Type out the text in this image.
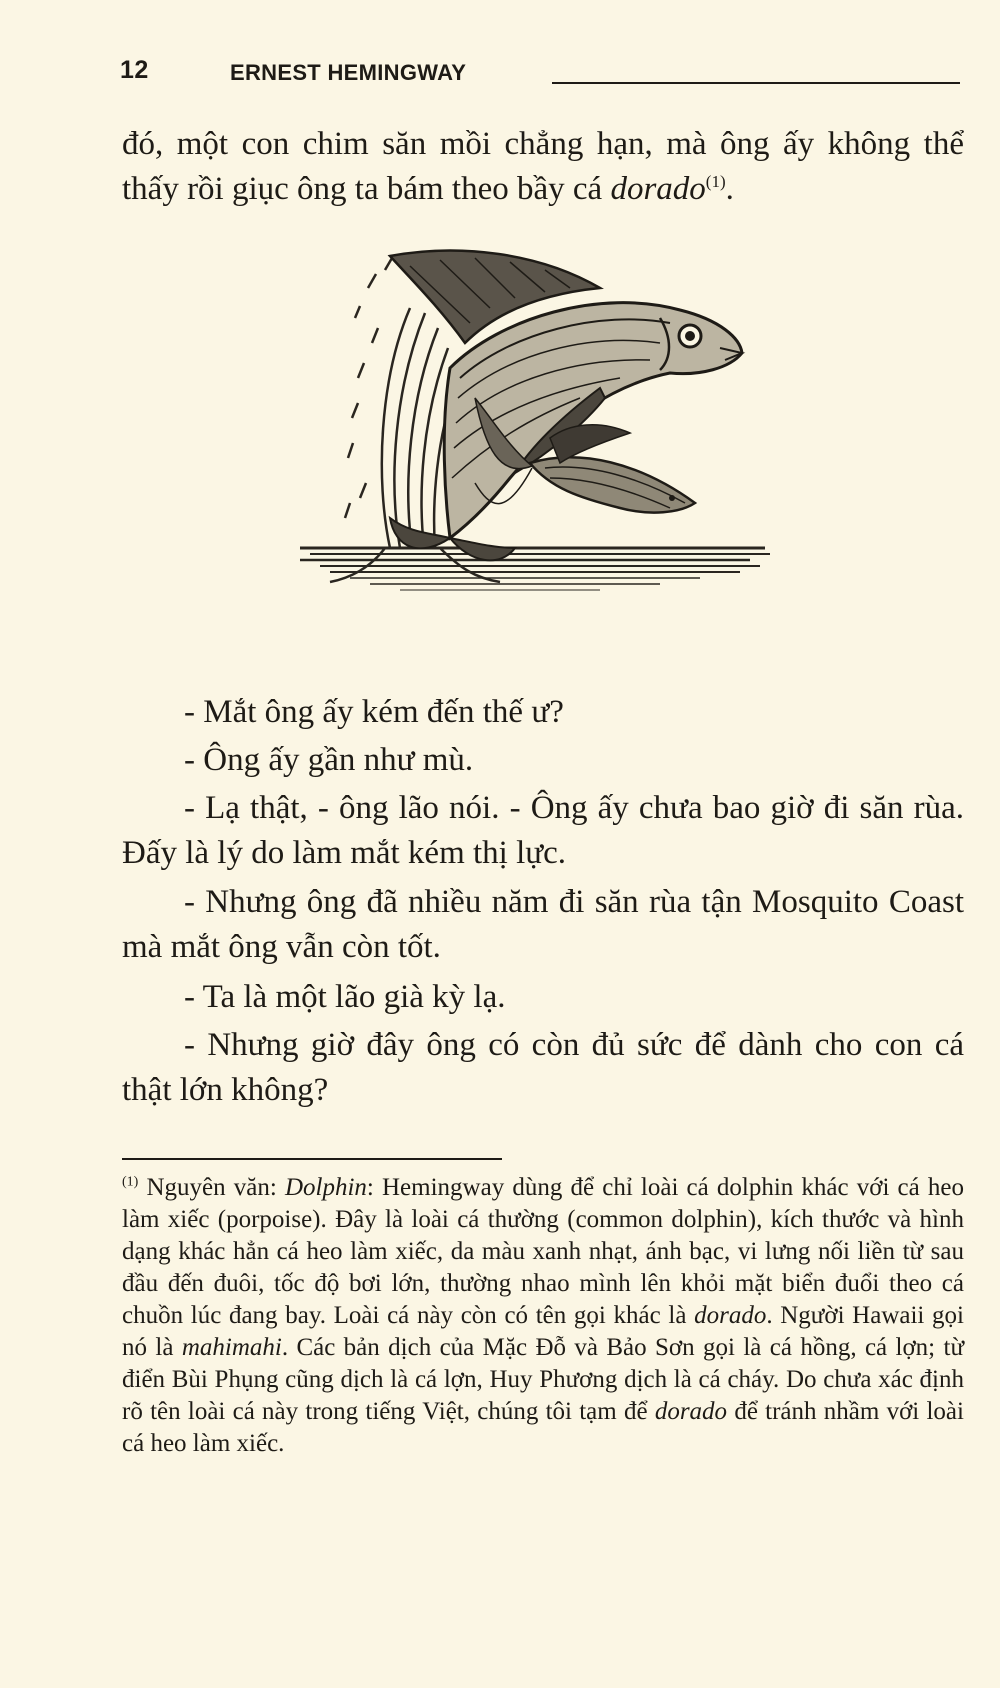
12	ERNEST HEMINGWAY

đó, một con chim săn mồi chẳng hạn, mà ông ấy không thể thấy rồi giục ông ta bám theo bầy cá dorado$^{(1)}$.

- Mắt ông ấy kém đến thế ư?

- Ông ấy gần như mù.

- Lạ thật, - ông lão nói. - Ông ấy chưa bao giờ đi săn rùa. Đấy là lý do làm mắt kém thị lực.

- Nhưng ông đã nhiều năm đi săn rùa tận Mosquito Coast mà mắt ông vẫn còn tốt.

- Ta là một lão già kỳ lạ.

- Nhưng giờ đây ông có còn đủ sức để dành cho con cá thật lớn không?

$^{(1)}$ Nguyên văn: Dolphin: Hemingway dùng để chỉ loài cá dolphin khác với cá heo làm xiếc (porpoise). Đây là loài cá thường (common dolphin), kích thước và hình dạng khác hẳn cá heo làm xiếc, da màu xanh nhạt, ánh bạc, vi lưng nối liền từ sau đầu đến đuôi, tốc độ bơi lớn, thường nhao mình lên khỏi mặt biển đuổi theo cá chuồn lúc đang bay. Loài cá này còn có tên gọi khác là dorado. Người Hawaii gọi nó là mahimahi. Các bản dịch của Mặc Đỗ và Bảo Sơn gọi là cá hồng, cá lợn; từ điển Bùi Phụng cũng dịch là cá lợn, Huy Phương dịch là cá cháy. Do chưa xác định rõ tên loài cá này trong tiếng Việt, chúng tôi tạm để dorado để tránh nhầm với loài cá heo làm xiếc.
